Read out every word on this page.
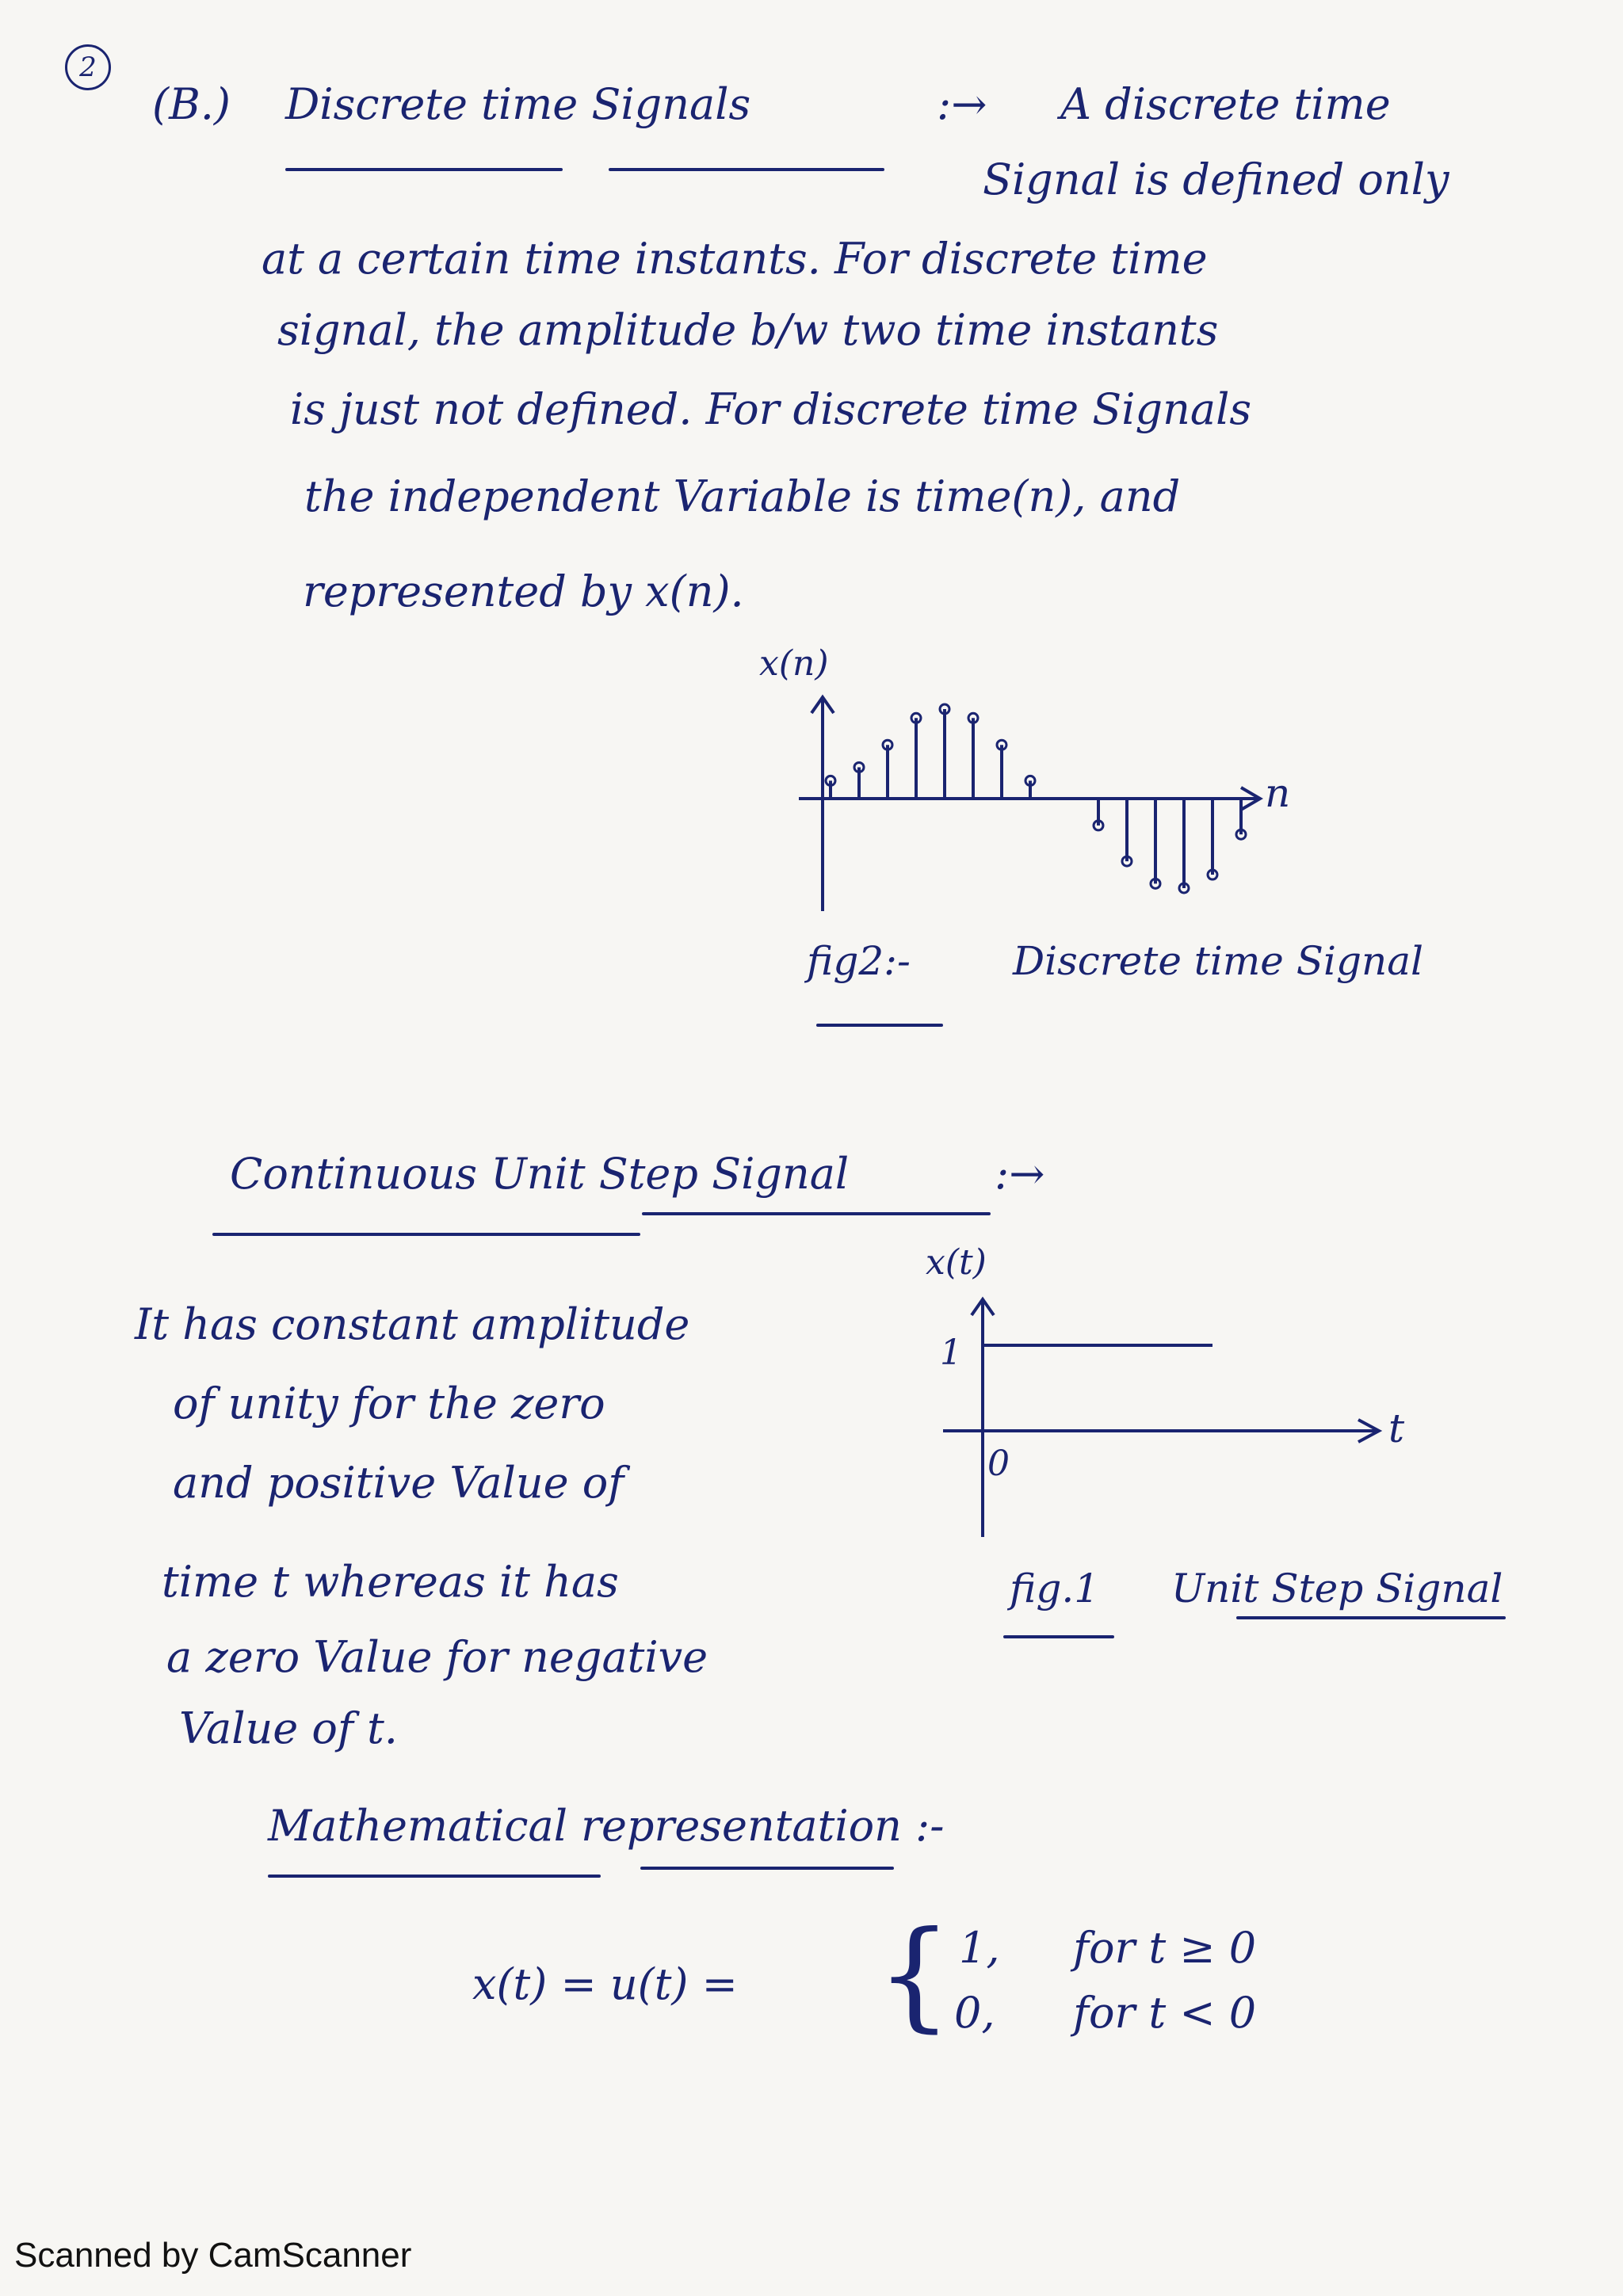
2
(B.) Discrete time Signals	:→ A discrete time
Signal is defined only
at a certain time instants. For discrete time
signal, the amplitude b/w two time instants
is just not defined. For discrete time Signals
the independent Variable is time(n), and
represented by x(n).
x(n)
n
fig2:-	Discrete time Signal
Continuous Unit Step Signal	:→
It has constant amplitude
of unity for the zero
and positive Value of
time t whereas it has
a zero Value for negative
Value of t.
x(t)
1
0
t
fig.1 Unit Step Signal
Mathematical representation :-
x(t) = u(t) = { 1, for t ≥ 0
0, for t < 0
Scanned by CamScanner
